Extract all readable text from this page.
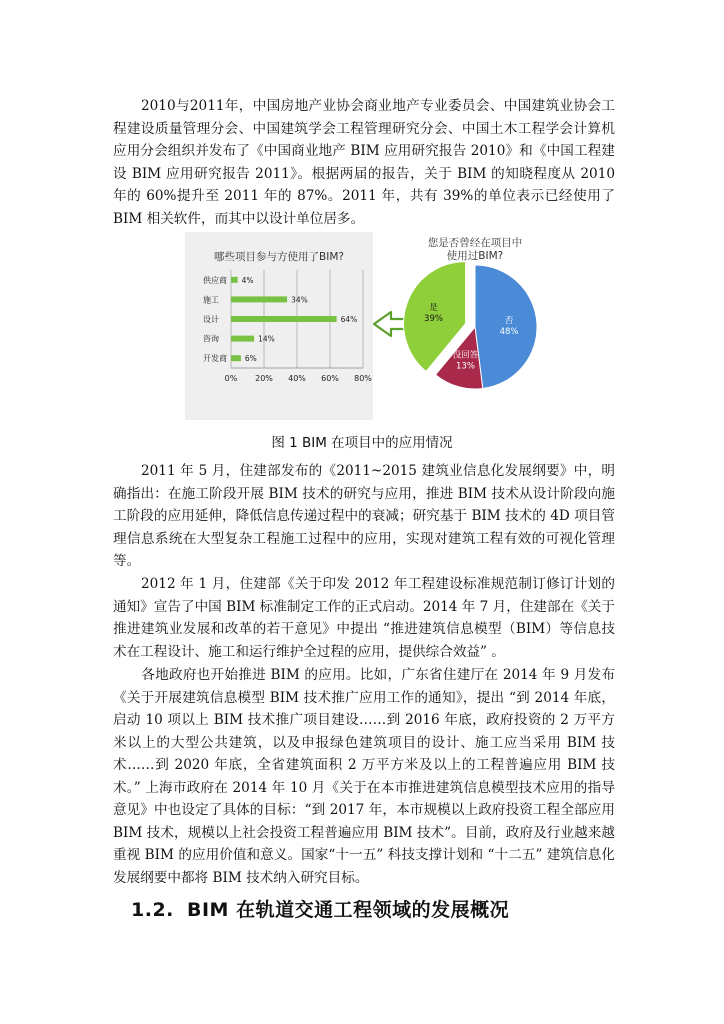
2010与2011年，中国房地产业协会商业地产专业委员会、中国建筑业协会工程建设质量管理分会、中国建筑学会工程管理研究分会、中国土木工程学会计算机应用分会组织并发布了《中国商业地产 BIM 应用研究报告 2010》和《中国工程建设 BIM 应用研究报告 2011》。根据两届的报告，关于 BIM 的知晓程度从 2010 年的 60%提升至 2011 年的 87%。2011 年，共有 39%的单位表示已经使用了 BIM 相关软件，而其中以设计单位居多。

哪些项目参与方使用了BIM?
供应商
施工
设计
咨询
开发商
4%
34%
64%
14%
6%
0% 20% 40% 60% 80%
您是否曾经在项目中
使用过BIM?
否
48%
没回答
13%
是
39%
图 1 BIM 在项目中的应用情况

2011 年 5 月，住建部发布的《2011~2015 建筑业信息化发展纲要》中，明确指出：在施工阶段开展 BIM 技术的研究与应用，推进 BIM 技术从设计阶段向施工阶段的应用延伸，降低信息传递过程中的衰减；研究基于 BIM 技术的 4D 项目管理信息系统在大型复杂工程施工过程中的应用，实现对建筑工程有效的可视化管理等。

2012 年 1 月，住建部《关于印发 2012 年工程建设标准规范制订修订计划的通知》宣告了中国 BIM 标准制定工作的正式启动。2014 年 7 月，住建部在《关于推进建筑业发展和改革的若干意见》中提出 “推进建筑信息模型（BIM）等信息技术在工程设计、施工和运行维护全过程的应用，提供综合效益” 。

各地政府也开始推进 BIM 的应用。比如，广东省住建厅在 2014 年 9 月发布《关于开展建筑信息模型 BIM 技术推广应用工作的通知》，提出 “到 2014 年底，启动 10 项以上 BIM 技术推广项目建设……到 2016 年底，政府投资的 2 万平方米以上的大型公共建筑，以及申报绿色建筑项目的设计、施工应当采用 BIM 技术……到 2020 年底，全省建筑面积 2 万平方米及以上的工程普遍应用 BIM 技术。” 上海市政府在 2014 年 10 月《关于在本市推进建筑信息模型技术应用的指导意见》中也设定了具体的目标：“到 2017 年，本市规模以上政府投资工程全部应用 BIM 技术，规模以上社会投资工程普遍应用 BIM 技术”。目前，政府及行业越来越重视 BIM 的应用价值和意义。国家“十一五” 科技支撑计划和 “十二五” 建筑信息化发展纲要中都将 BIM 技术纳入研究目标。

1.2. BIM 在轨道交通工程领域的发展概况
